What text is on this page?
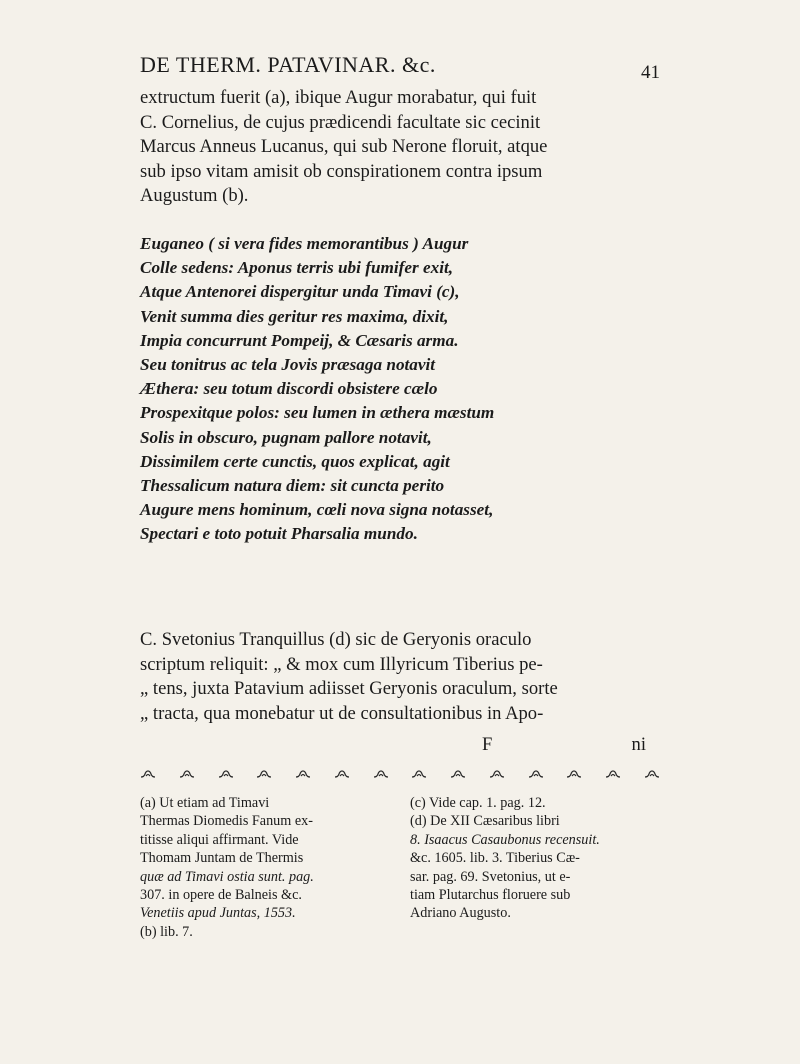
DE THERM. PATAVINAR. &c.	41
extructum fuerit (a), ibique Augur morabatur, qui fuit
C. Cornelius, de cujus prædicendi facultate sic cecinit
Marcus Anneus Lucanus, qui sub Nerone floruit, atque
sub ipso vitam amisit ob conspirationem contra ipsum
Augustum (b).
Euganeo ( si vera fides memorantibus ) Augur
Colle sedens: Aponus terris ubi fumifer exit,
Atque Antenorei dispergitur unda Timavi (c),
Venit summa dies geritur res maxima, dixit,
Impia concurrunt Pompeij, & Cæsaris arma.
Seu tonitrus ac tela Jovis præsaga notavit
Æthera: seu totum discordi obsistere cælo
Prospexitque polos: seu lumen in æthera mæstum
Solis in obscuro, pugnam pallore notavit,
Dissimilem certe cunctis, quos explicat, agit
Thessalicum natura diem: sit cuncta perito
Augure mens hominum, cœli nova signa notasset,
Spectari e toto potuit Pharsalia mundo.
C. Svetonius Tranquillus (d) sic de Geryonis oraculo
scriptum reliquit: „ & mox cum Illyricum Tiberius pe-
„ tens, juxta Patavium adiisset Geryonis oraculum, sorte
„ tracta, qua monebatur ut de consultationibus in Apo-
F	ni
(a) Ut etiam ad Timavi
Thermas Diomedis Fanum ex-
titisse aliqui affirmant. Vide
Thomam Juntam de Thermis
quæ ad Timavi ostia sunt. pag.
307. in opere de Balneis &c.
Venetiis apud Juntas, 1553.
(b) lib. 7.
(c) Vide cap. 1. pag. 12.
(d) De XII Cæsaribus libri
8. Isaacus Casaubonus recensuit.
&c. 1605. lib. 3. Tiberius Cæ-
sar. pag. 69. Svetonius, ut e-
tiam Plutarchus floruere sub
Adriano Augusto.
